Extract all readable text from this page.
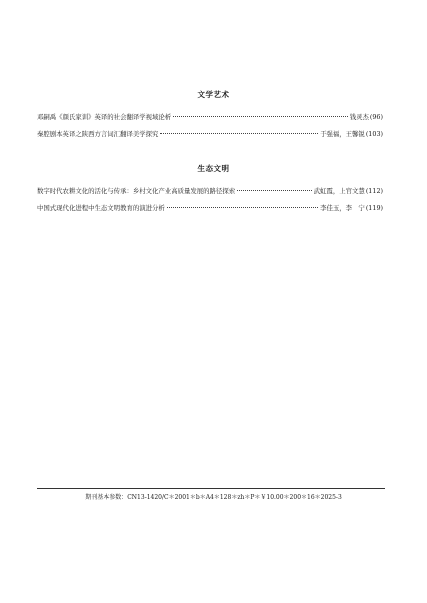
文学艺术
邓嗣禹《颜氏家训》英译的社会翻译学视域论析	钱灵杰 (96)
秦腔剧本英译之陕西方言词汇翻译美学探究	于强福，王馨锐 (103)
生态文明
数字时代农耕文化的活化与传承：乡村文化产业高质量发展的路径探索	武虹霞，上官文慧 (112)
中国式现代化进程中生态文明教育的演进分析	李佳玉，李　宁 (119)
期刊基本参数：CN13-1420/C＊2001＊b＊A4＊128＊zh＊P＊￥10.00＊200＊16＊2025-3
